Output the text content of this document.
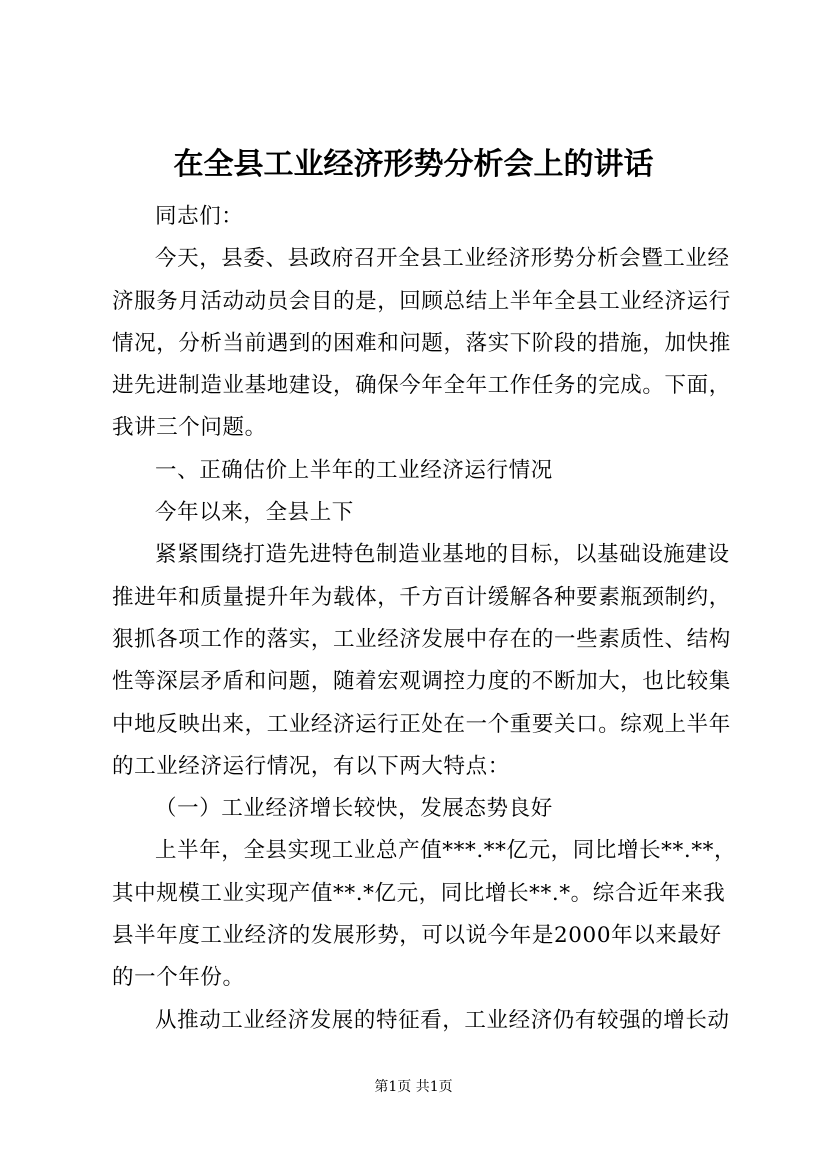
在全县工业经济形势分析会上的讲话
同志们：
今天，县委、县政府召开全县工业经济形势分析会暨工业经
济服务月活动动员会目的是，回顾总结上半年全县工业经济运行
情况，分析当前遇到的困难和问题，落实下阶段的措施，加快推
进先进制造业基地建设，确保今年全年工作任务的完成。下面，
我讲三个问题。
一、正确估价上半年的工业经济运行情况
今年以来，全县上下
紧紧围绕打造先进特色制造业基地的目标，以基础设施建设
推进年和质量提升年为载体，千方百计缓解各种要素瓶颈制约，
狠抓各项工作的落实，工业经济发展中存在的一些素质性、结构
性等深层矛盾和问题，随着宏观调控力度的不断加大，也比较集
中地反映出来，工业经济运行正处在一个重要关口。综观上半年
的工业经济运行情况，有以下两大特点：
（一）工业经济增长较快，发展态势良好
上半年，全县实现工业总产值***.**亿元，同比增长**.**，
其中规模工业实现产值**.*亿元，同比增长**.*。综合近年来我
县半年度工业经济的发展形势，可以说今年是2000年以来最好
的一个年份。
从推动工业经济发展的特征看，工业经济仍有较强的增长动
第1页 共1页
